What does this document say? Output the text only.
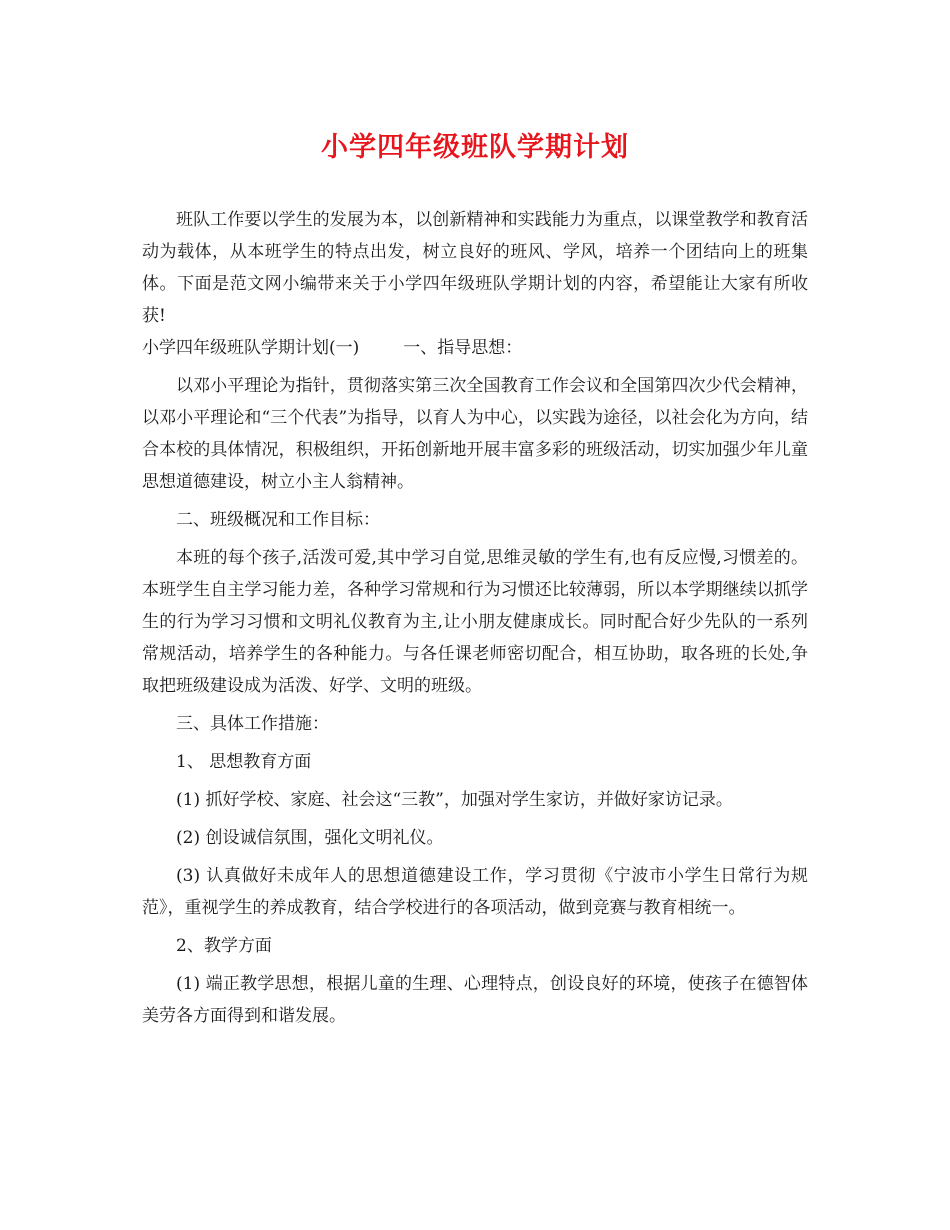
小学四年级班队学期计划

班队工作要以学生的发展为本，以创新精神和实践能力为重点，以课堂教学和教育活动为载体，从本班学生的特点出发，树立良好的班风、学风，培养一个团结向上的班集体。下面是范文网小编带来关于小学四年级班队学期计划的内容，希望能让大家有所收获!

小学四年级班队学期计划(一)	一、指导思想：

以邓小平理论为指针，贯彻落实第三次全国教育工作会议和全国第四次少代会精神，以邓小平理论和“三个代表”为指导，以育人为中心，以实践为途径，以社会化为方向，结合本校的具体情况，积极组织，开拓创新地开展丰富多彩的班级活动，切实加强少年儿童思想道德建设，树立小主人翁精神。

二、班级概况和工作目标：

本班的每个孩子,活泼可爱,其中学习自觉,思维灵敏的学生有,也有反应慢,习惯差的。本班学生自主学习能力差，各种学习常规和行为习惯还比较薄弱，所以本学期继续以抓学生的行为学习习惯和文明礼仪教育为主,让小朋友健康成长。同时配合好少先队的一系列常规活动，培养学生的各种能力。与各任课老师密切配合，相互协助，取各班的长处,争取把班级建设成为活泼、好学、文明的班级。

三、具体工作措施：

1、 思想教育方面

(1) 抓好学校、家庭、社会这“三教”，加强对学生家访，并做好家访记录。

(2) 创设诚信氛围，强化文明礼仪。

(3) 认真做好未成年人的思想道德建设工作，学习贯彻《宁波市小学生日常行为规范》，重视学生的养成教育，结合学校进行的各项活动，做到竞赛与教育相统一。

2、教学方面

(1) 端正教学思想，根据儿童的生理、心理特点，创设良好的环境，使孩子在德智体美劳各方面得到和谐发展。
